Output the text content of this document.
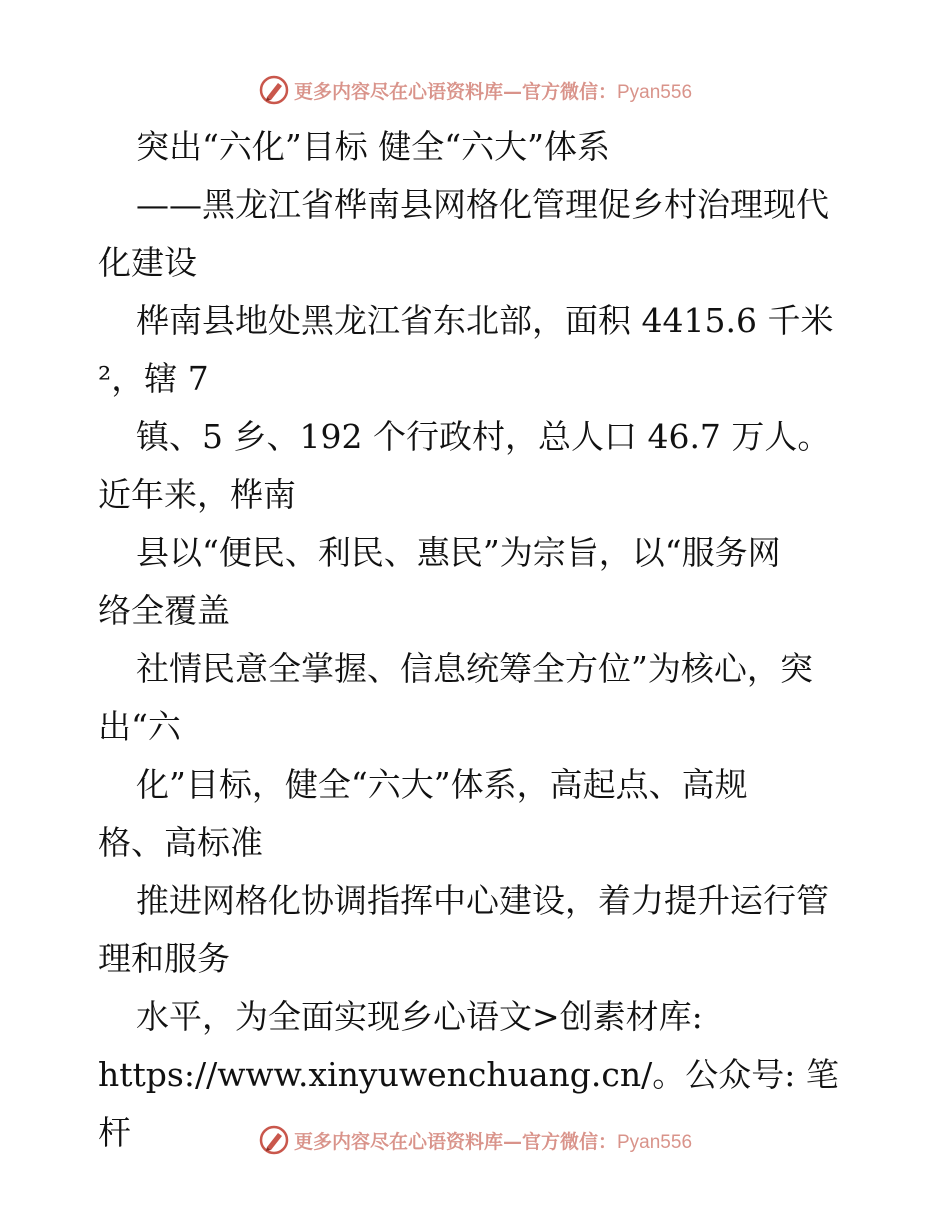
更多内容尽在心语资料库—官方微信：Pyan556

突出“六化”目标 健全“六大”体系

——黑龙江省桦南县网格化管理促乡村治理现代

化建设

桦南县地处黑龙江省东北部，面积 4415.6 千米

²，辖 7

镇、5 乡、192 个行政村，总人口 46.7 万人。

近年来，桦南

县以“便民、利民、惠民”为宗旨，以“服务网

络全覆盖

社情民意全掌握、信息统筹全方位”为核心，突

出“六

化”目标，健全“六大”体系，高起点、高规

格、高标准

推进网格化协调指挥中心建设，着力提升运行管

理和服务

水平，为全面实现乡心语文>创素材库:

https://www.xinyuwenchuang.cn/。公众号: 笔杆	更多内容尽在心语资料库—官方微信：Pyan556
